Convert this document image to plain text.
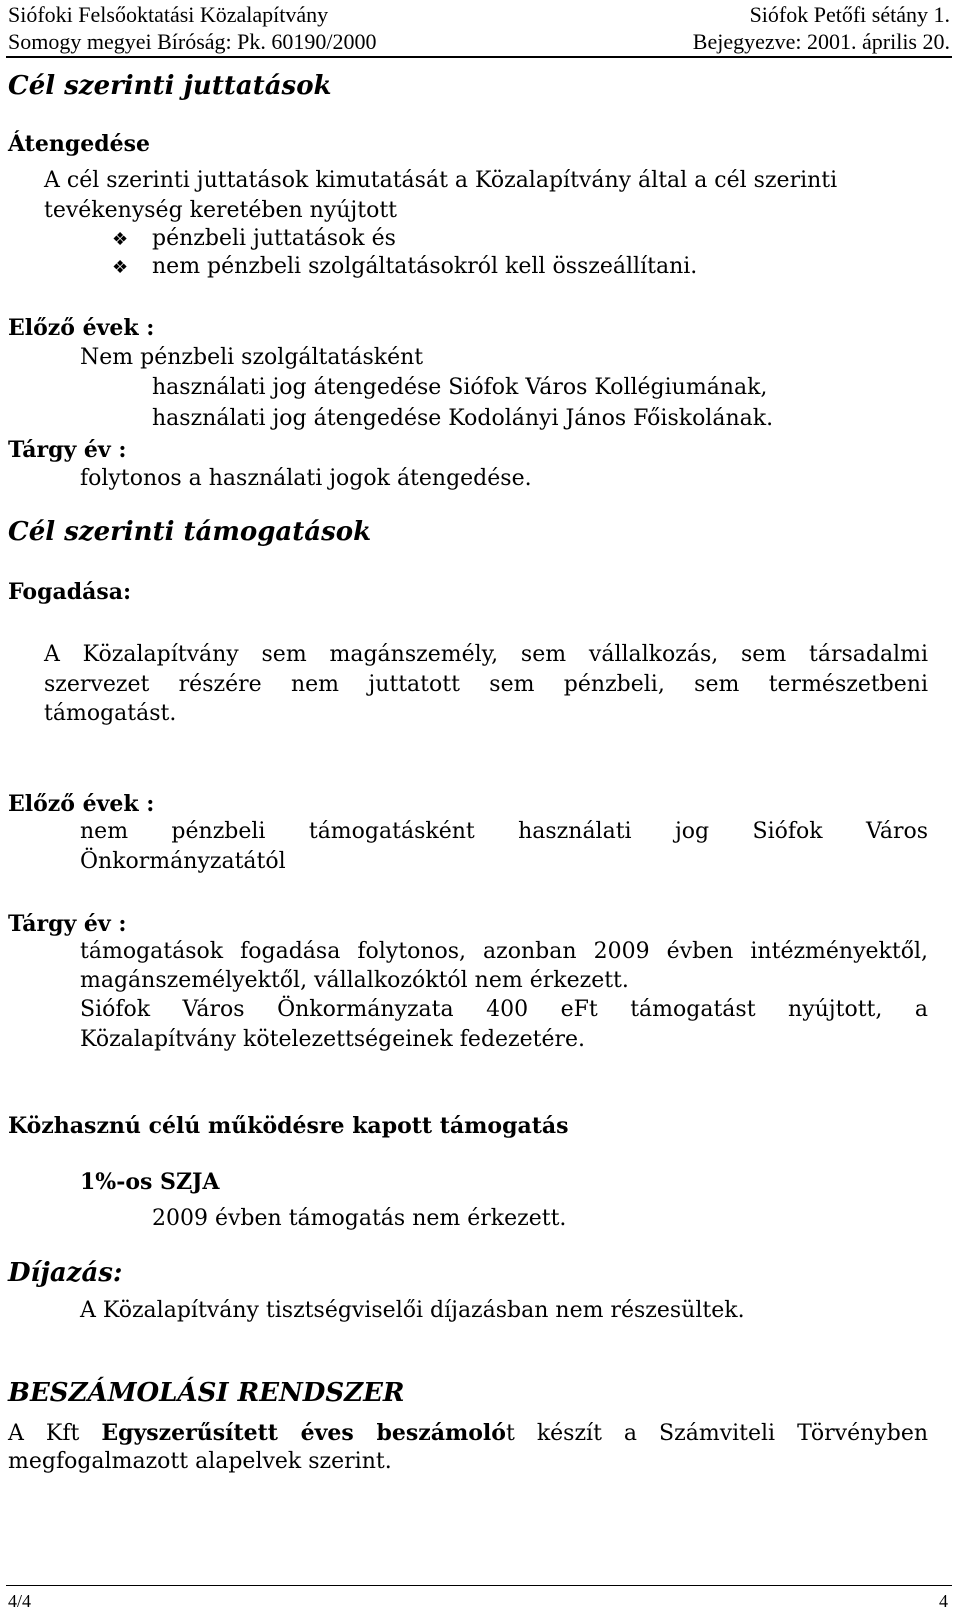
Siófoki Felsőoktatási Közalapítvány	Siófok Petőfi sétány 1.
Somogy megyei Bíróság: Pk. 60190/2000	Bejegyezve: 2001. április 20.
Cél szerinti juttatások
Átengedése
A cél szerinti juttatások kimutatását a Közalapítvány által a cél szerinti
tevékenység keretében nyújtott
❖ pénzbeli juttatások és
❖ nem pénzbeli szolgáltatásokról kell összeállítani.
Előző évek :
Nem pénzbeli szolgáltatásként
használati jog átengedése Siófok Város Kollégiumának,
használati jog átengedése Kodolányi János Főiskolának.
Tárgy év :
folytonos a használati jogok átengedése.
Cél szerinti támogatások
Fogadása:
A Közalapítvány sem magánszemély, sem vállalkozás, sem társadalmi
szervezet részére nem juttatott sem pénzbeli, sem természetbeni
támogatást.
Előző évek :
nem pénzbeli támogatásként használati jog Siófok Város
Önkormányzatától
Tárgy év :
támogatások fogadása folytonos, azonban 2009 évben intézményektől,
magánszemélyektől, vállalkozóktól nem érkezett.
Siófok Város Önkormányzata 400 eFt támogatást nyújtott, a
Közalapítvány kötelezettségeinek fedezetére.
Közhasznú célú működésre kapott támogatás
1%-os SZJA
2009 évben támogatás nem érkezett.
Díjazás:
A Közalapítvány tisztségviselői díjazásban nem részesültek.
BESZÁMOLÁSI RENDSZER
A Kft Egyszerűsített éves beszámolót készít a Számviteli Törvényben
megfogalmazott alapelvek szerint.
4/4	4
